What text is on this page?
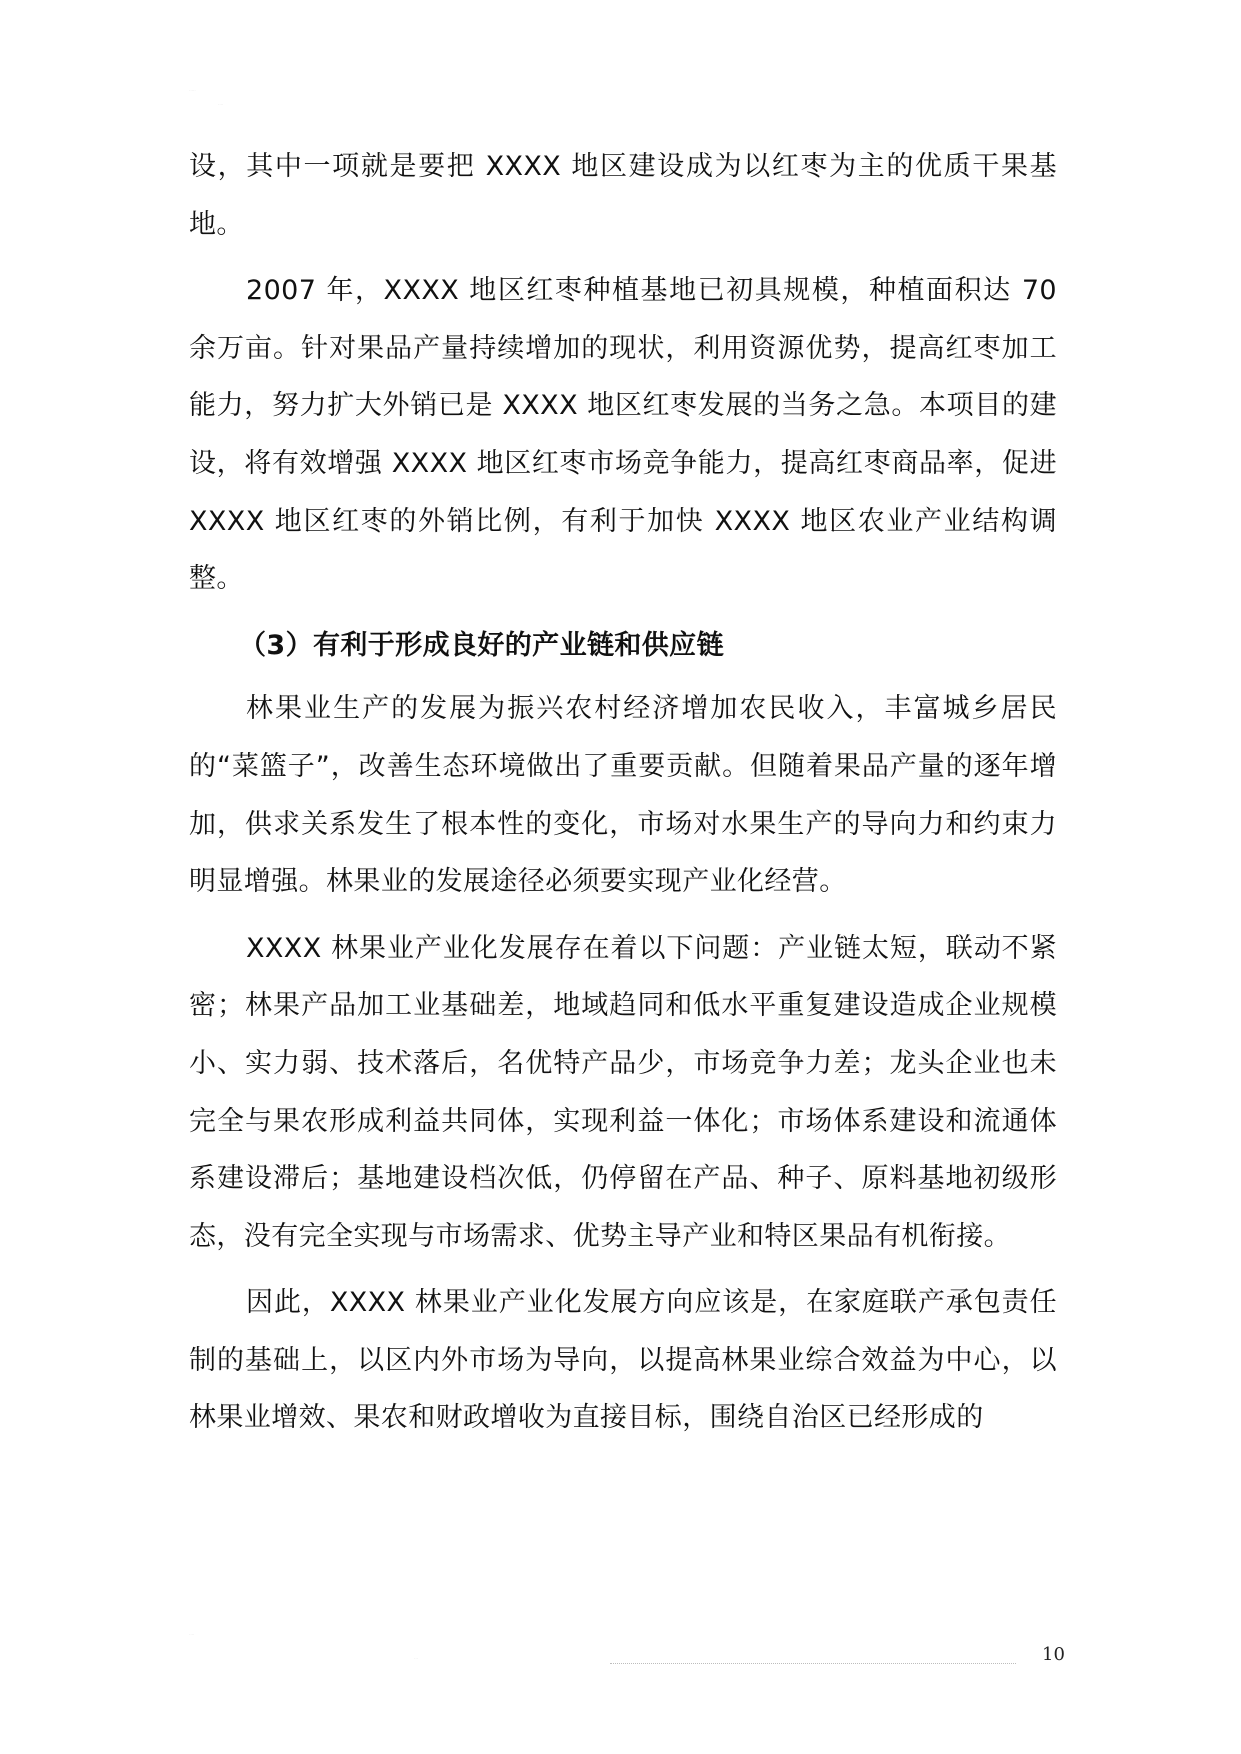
·····
····

设，其中一项就是要把 XXXX 地区建设成为以红枣为主的优质干果基地。

2007 年，XXXX 地区红枣种植基地已初具规模，种植面积达 70 余万亩。针对果品产量持续增加的现状，利用资源优势，提高红枣加工能力，努力扩大外销已是 XXXX 地区红枣发展的当务之急。本项目的建设，将有效增强 XXXX 地区红枣市场竞争能力，提高红枣商品率，促进 XXXX 地区红枣的外销比例，有利于加快 XXXX 地区农业产业结构调整。

（3）有利于形成良好的产业链和供应链

林果业生产的发展为振兴农村经济增加农民收入，丰富城乡居民的“菜篮子”，改善生态环境做出了重要贡献。但随着果品产量的逐年增加，供求关系发生了根本性的变化，市场对水果生产的导向力和约束力明显增强。林果业的发展途径必须要实现产业化经营。

XXXX 林果业产业化发展存在着以下问题：产业链太短，联动不紧密；林果产品加工业基础差，地域趋同和低水平重复建设造成企业规模小、实力弱、技术落后，名优特产品少，市场竞争力差；龙头企业也未完全与果农形成利益共同体，实现利益一体化；市场体系建设和流通体系建设滞后；基地建设档次低，仍停留在产品、种子、原料基地初级形态，没有完全实现与市场需求、优势主导产业和特区果品有机衔接。

因此，XXXX 林果业产业化发展方向应该是，在家庭联产承包责任制的基础上，以区内外市场为导向，以提高林果业综合效益为中心，以林果业增效、果农和财政增收为直接目标，围绕自治区已经形成的

····
···	10
